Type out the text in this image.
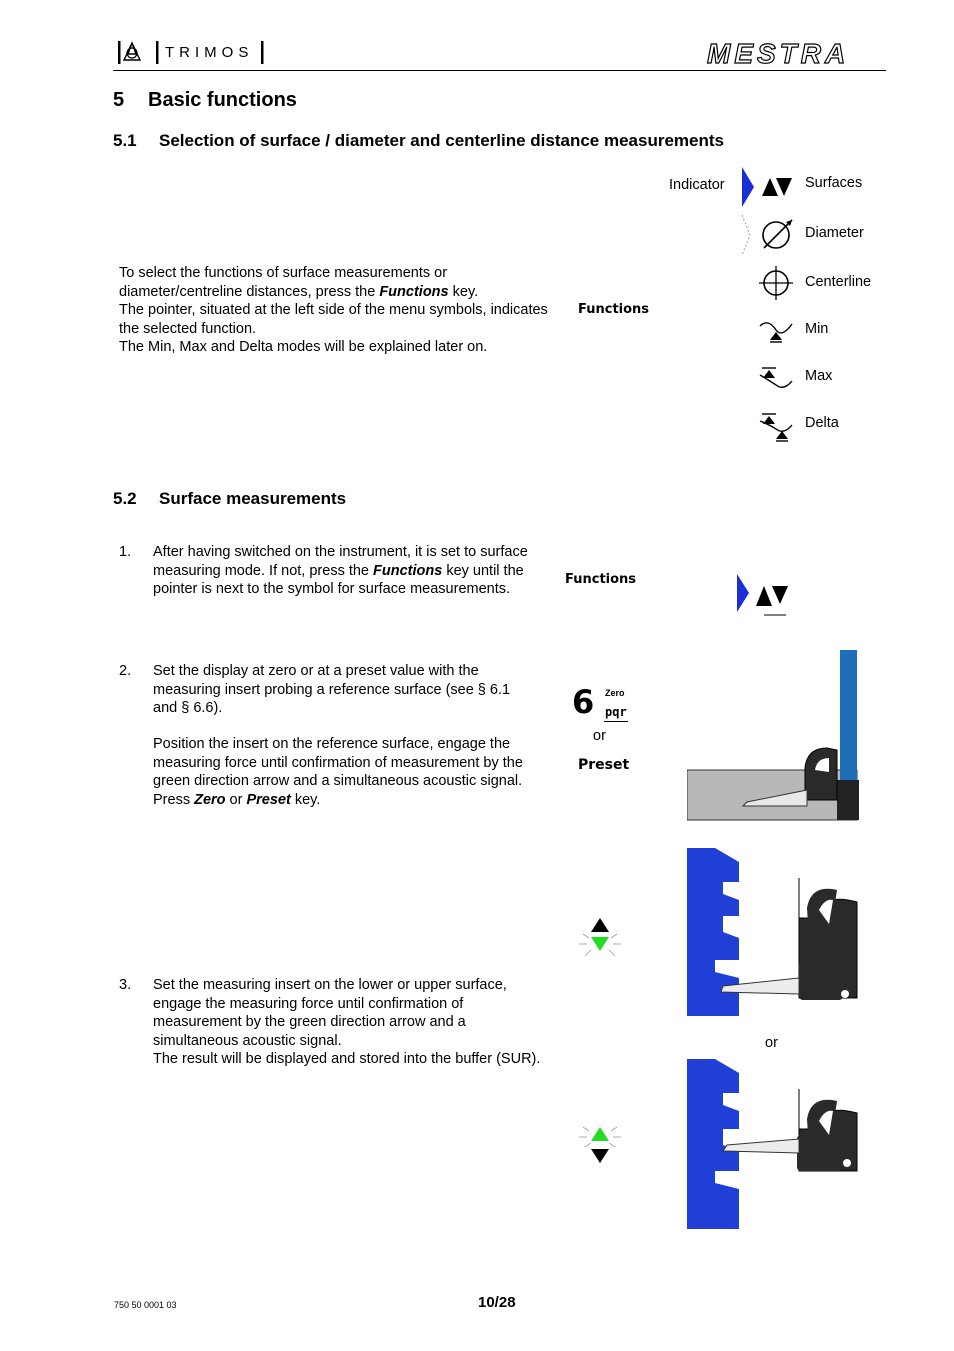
TRIMOS	MESTRA
5 Basic functions
5.1 Selection of surface / diameter and centerline distance measurements
To select the functions of surface measurements or diameter/centreline distances, press the Functions key.
The pointer, situated at the left side of the menu symbols, indicates the selected function.
The Min, Max and Delta modes will be explained later on.
Functions
Indicator	Surfaces
Diameter
Centerline
Min
Max
Delta
5.2 Surface measurements
1. After having switched on the instrument, it is set to surface measuring mode. If not, press the Functions key until the pointer is next to the symbol for surface measurements.
Functions
2. Set the display at zero or at a preset value with the measuring insert probing a reference surface (see § 6.1 and § 6.6).
Position the insert on the reference surface, engage the measuring force until confirmation of measurement by the green direction arrow and a simultaneous acoustic signal. Press Zero or Preset key.
6 Zero
pqr
or
Preset
3. Set the measuring insert on the lower or upper surface, engage the measuring force until confirmation of measurement by the green direction arrow and a simultaneous acoustic signal.
The result will be displayed and stored into the buffer (SUR).
or
750 50 0001 03	10/28
